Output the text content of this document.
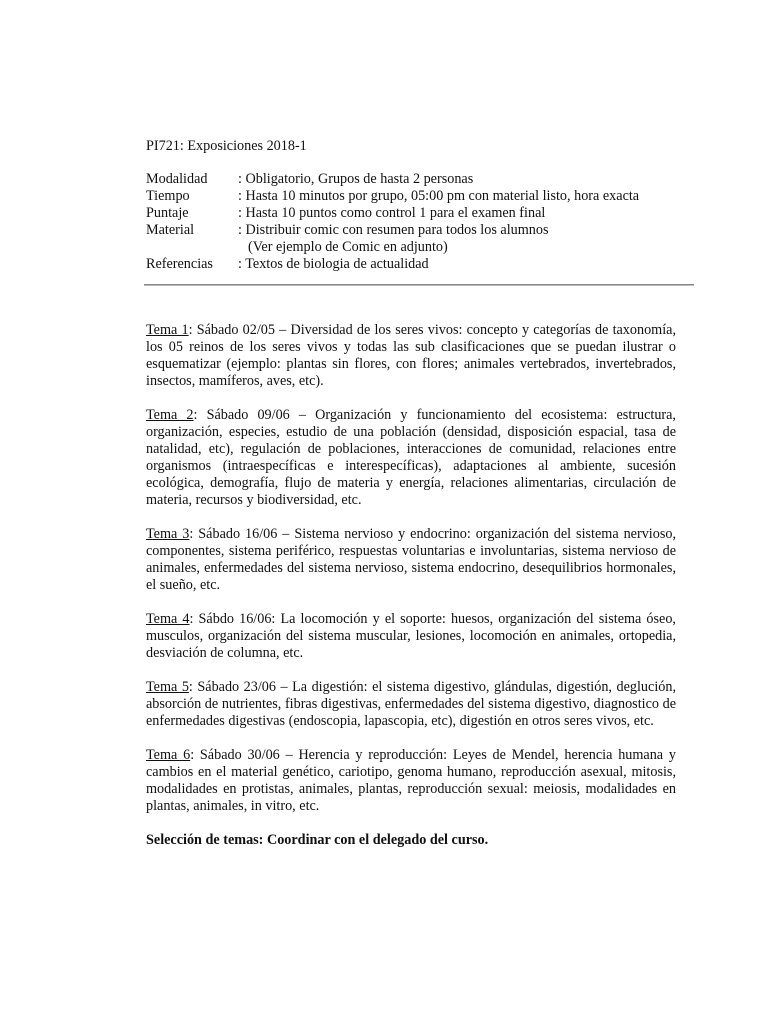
PI721: Exposiciones 2018-1
Modalidad	: Obligatorio, Grupos de hasta 2 personas
Tiempo	: Hasta 10 minutos por grupo, 05:00 pm con material listo, hora exacta
Puntaje	: Hasta 10 puntos como control 1 para el examen final
Material	: Distribuir comic con resumen para todos los alumnos
(Ver ejemplo de Comic en adjunto)
Referencias	: Textos de biologia de actualidad

Tema 1: Sábado 02/05 – Diversidad de los seres vivos: concepto y categorías de taxonomía, los 05 reinos de los seres vivos y todas las sub clasificaciones que se puedan ilustrar o esquematizar (ejemplo: plantas sin flores, con flores; animales vertebrados, invertebrados, insectos, mamíferos, aves, etc).

Tema 2: Sábado 09/06 – Organización y funcionamiento del ecosistema: estructura, organización, especies, estudio de una población (densidad, disposición espacial, tasa de natalidad, etc), regulación de poblaciones, interacciones de comunidad, relaciones entre organismos (intraespecíficas e interespecíficas), adaptaciones al ambiente, sucesión ecológica, demografía, flujo de materia y energía, relaciones alimentarias, circulación de materia, recursos y biodiversidad, etc.

Tema 3: Sábado 16/06 – Sistema nervioso y endocrino: organización del sistema nervioso, componentes, sistema periférico, respuestas voluntarias e involuntarias, sistema nervioso de animales, enfermedades del sistema nervioso, sistema endocrino, desequilibrios hormonales, el sueño, etc.

Tema 4: Sábdo 16/06: La locomoción y el soporte: huesos, organización del sistema óseo, musculos, organización del sistema muscular, lesiones, locomoción en animales, ortopedia, desviación de columna, etc.

Tema 5: Sábado 23/06 – La digestión: el sistema digestivo, glándulas, digestión, deglución, absorción de nutrientes, fibras digestivas, enfermedades del sistema digestivo, diagnostico de enfermedades digestivas (endoscopia, lapascopia, etc), digestión en otros seres vivos, etc.

Tema 6: Sábado 30/06 – Herencia y reproducción: Leyes de Mendel, herencia humana y cambios en el material genético, cariotipo, genoma humano, reproducción asexual, mitosis, modalidades en protistas, animales, plantas, reproducción sexual: meiosis, modalidades en plantas, animales, in vitro, etc.

Selección de temas: Coordinar con el delegado del curso.
